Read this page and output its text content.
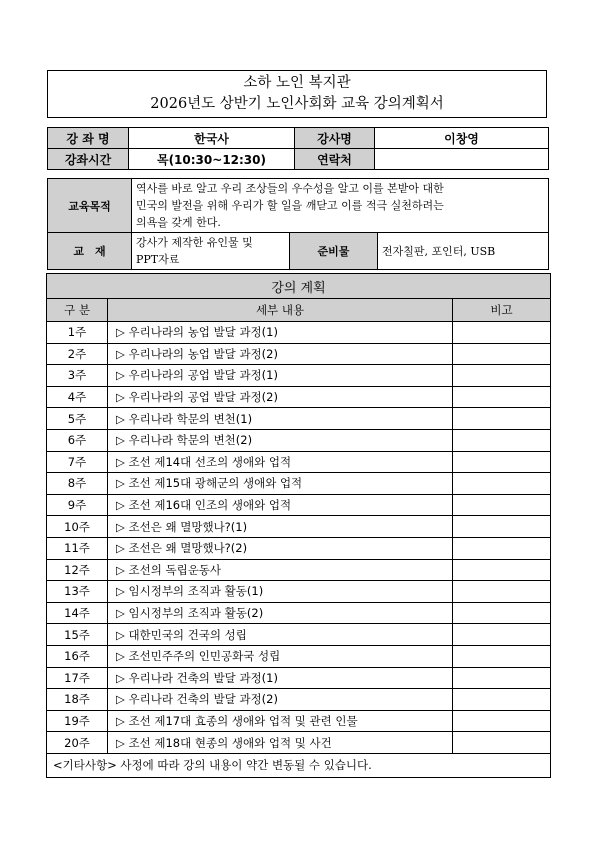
소하 노인 복지관
2026년도 상반기 노인사회화 교육 강의계획서
강 좌 명	한국사	강사명	이창영
강좌시간	목(10:30~12:30)	연락처	
교육목적	역사를 바로 알고 우리 조상들의 우수성을 알고 이를 본받아 대한
민국의 발전을 위해 우리가 할 일을 깨닫고 이를 적극 실천하려는
의욕을 갖게 한다.		

교　재	강사가 제작한 유인물 및
PPT자료	준비물	전자칠판, 포인터, USB
강의 계획		
구 분	세부 내용	비고
1주	▷ 우리나라의 농업 발달 과정(1)	
2주	▷ 우리나라의 농업 발달 과정(2)	
3주	▷ 우리나라의 공업 발달 과정(1)	
4주	▷ 우리나라의 공업 발달 과정(2)	
5주	▷ 우리나라 학문의 변천(1)	
6주	▷ 우리나라 학문의 변천(2)	
7주	▷ 조선 제14대 선조의 생애와 업적	
8주	▷ 조선 제15대 광해군의 생애와 업적	
9주	▷ 조선 제16대 인조의 생애와 업적	
10주	▷ 조선은 왜 멸망했나?(1)	
11주	▷ 조선은 왜 멸망했나?(2)	
12주	▷ 조선의 독립운동사	
13주	▷ 임시정부의 조직과 활동(1)	
14주	▷ 임시정부의 조직과 활동(2)	
15주	▷ 대한민국의 건국의 성립	
16주	▷ 조선민주주의 인민공화국 성립	
17주	▷ 우리나라 건축의 발달 과정(1)	
18주	▷ 우리나라 건축의 발달 과정(2)	
19주	▷ 조선 제17대 효종의 생애와 업적 및 관련 인물	
20주	▷ 조선 제18대 현종의 생애와 업적 및 사건	
<기타사항> 사정에 따라 강의 내용이 약간 변동될 수 있습니다.		
